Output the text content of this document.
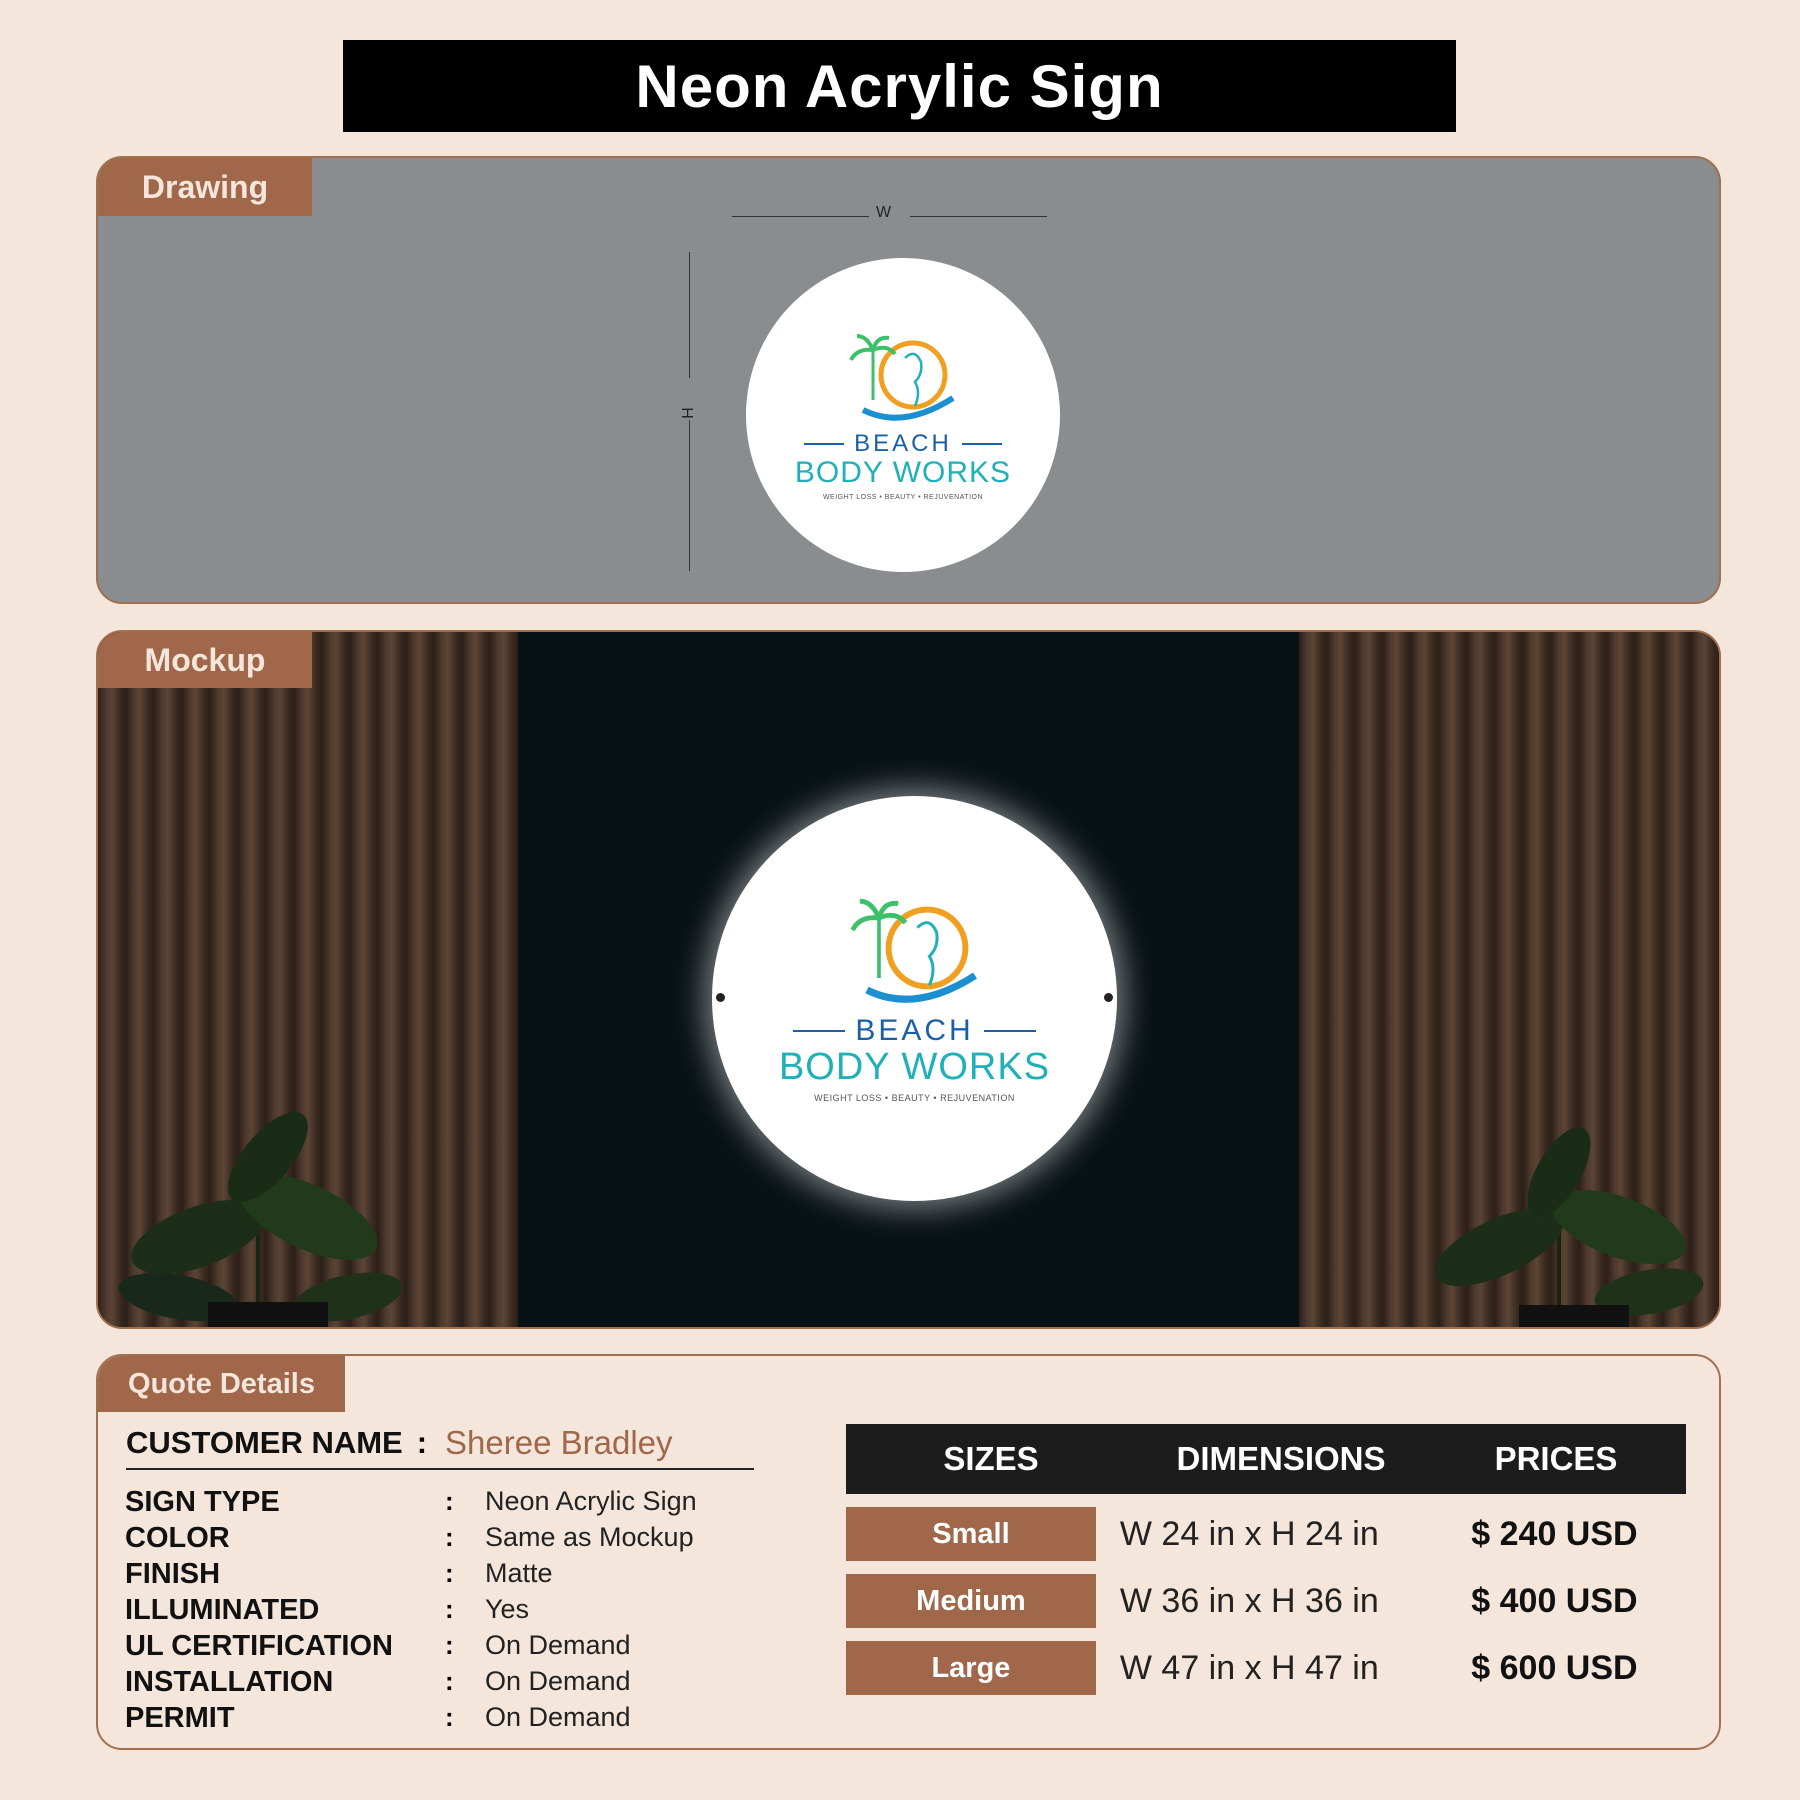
Neon Acrylic Sign
Drawing
W
H
BEACH
BODY WORKS
WEIGHT LOSS • BEAUTY • REJUVENATION
BEACH
BODY WORKS
WEIGHT LOSS • BEAUTY • REJUVENATION
Mockup
Quote Details
CUSTOMER NAME : Sheree Bradley
SIGN TYPE	: Neon Acrylic Sign
COLOR	: Same as Mockup
FINISH	: Matte
ILLUMINATED	: Yes
UL CERTIFICATION : On Demand
INSTALLATION	: On Demand
PERMIT	: On Demand
SIZES	DIMENSIONS	PRICES
Small	W 24 in x H 24 in	$ 240 USD
Medium	W 36 in x H 36 in	$ 400 USD
Large	W 47 in x H 47 in	$ 600 USD
